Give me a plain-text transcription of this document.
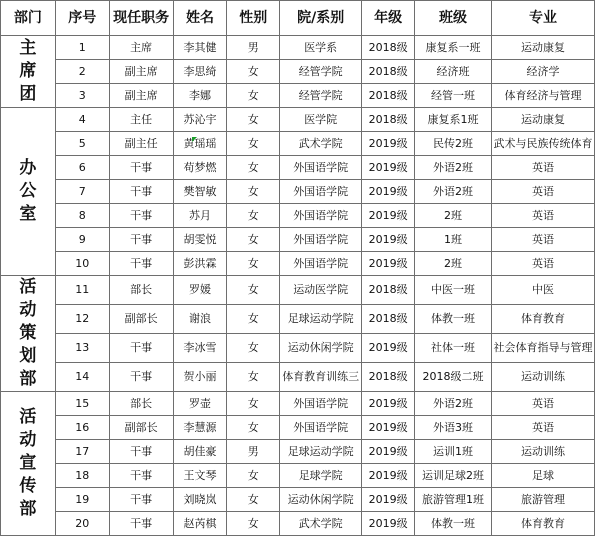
部门	序号	现任职务	姓名	性别	院/系别	年级	班级	专业
主席团	1	主席	李其健	男	医学系	2018级	康复系一班	运动康复
	2	副主席	李思绮	女	经管学院	2018级	经济班	经济学
	3	副主席	李娜	女	经管学院	2018级	经管一班	体育经济与管理
办公室	4	主任	苏沁宇	女	医学院	2018级	康复系1班	运动康复
	5	副主任	黄瑶瑶	女	武术学院	2019级	民传2班	武术与民族传统体育
	6	干事	苟梦燃	女	外国语学院	2019级	外语2班	英语
	7	干事	樊智敏	女	外国语学院	2019级	外语2班	英语
	8	干事	苏月	女	外国语学院	2019级	2班	英语
	9	干事	胡雯悦	女	外国语学院	2019级	1班	英语
	10	干事	彭洪霖	女	外国语学院	2019级	2班	英语
活动策划部	11	部长	罗媛	女	运动医学院	2018级	中医一班	中医
	12	副部长	谢浪	女	足球运动学院	2018级	体教一班	体育教育
	13	干事	李冰雪	女	运动休闲学院	2019级	社体一班	社会体育指导与管理
	14	干事	贺小丽	女	体育教育训练三	2018级	2018级二班	运动训练
活动宣传部	15	部长	罗壶	女	外国语学院	2019级	外语2班	英语
	16	副部长	李慧源	女	外国语学院	2019级	外语3班	英语
	17	干事	胡佳豪	男	足球运动学院	2019级	运训1班	运动训练
	18	干事	王文琴	女	足球学院	2019级	运训足球2班	足球
	19	干事	刘晓岚	女	运动休闲学院	2019级	旅游管理1班	旅游管理
	20	干事	赵芮棋	女	武术学院	2019级	体教一班	体育教育
